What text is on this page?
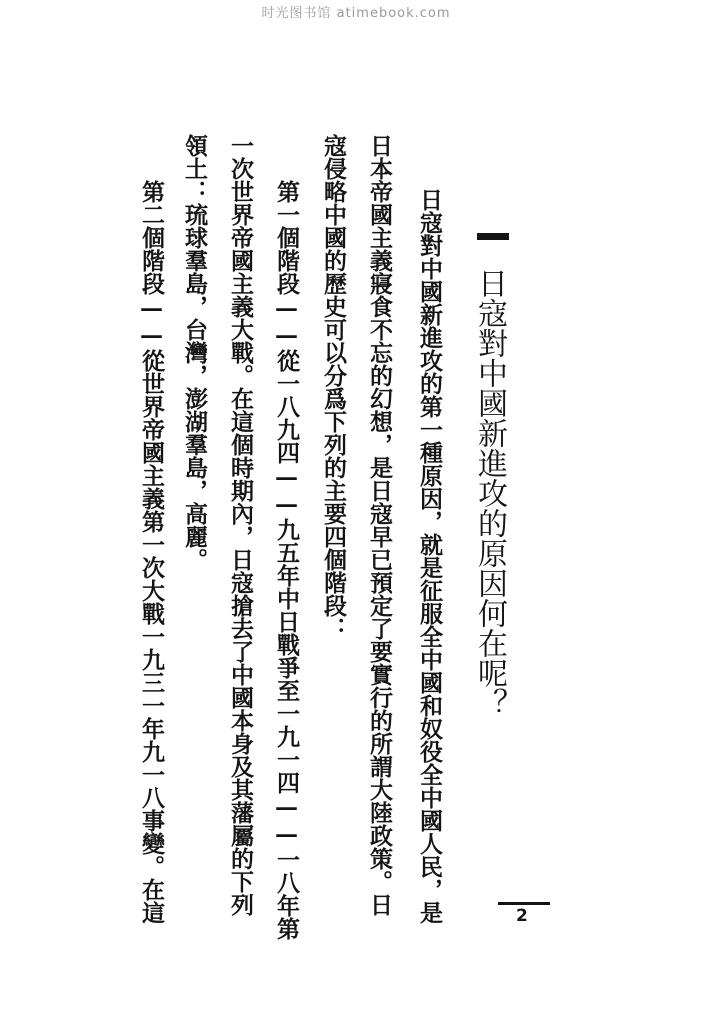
时光图书馆 atimebook.com
日寇對中國新進攻的原因何在呢？
日寇對中國新進攻的第一種原因，就是征服全中國和奴役全中國人民，是
日本帝國主義寢食不忘的幻想，是日寇早已預定了要實行的所謂大陸政策。日
寇侵略中國的歷史可以分爲下列的主要四個階段：
第一個階段——從一八九四——九五年中日戰爭至一九一四——一八年第
一次世界帝國主義大戰。在這個時期內，日寇搶去了中國本身及其藩屬的下列
領土：琉球羣島，台灣，澎湖羣島，高麗。
第二個階段——從世界帝國主義第一次大戰一九三一年九一八事變。在這	2
